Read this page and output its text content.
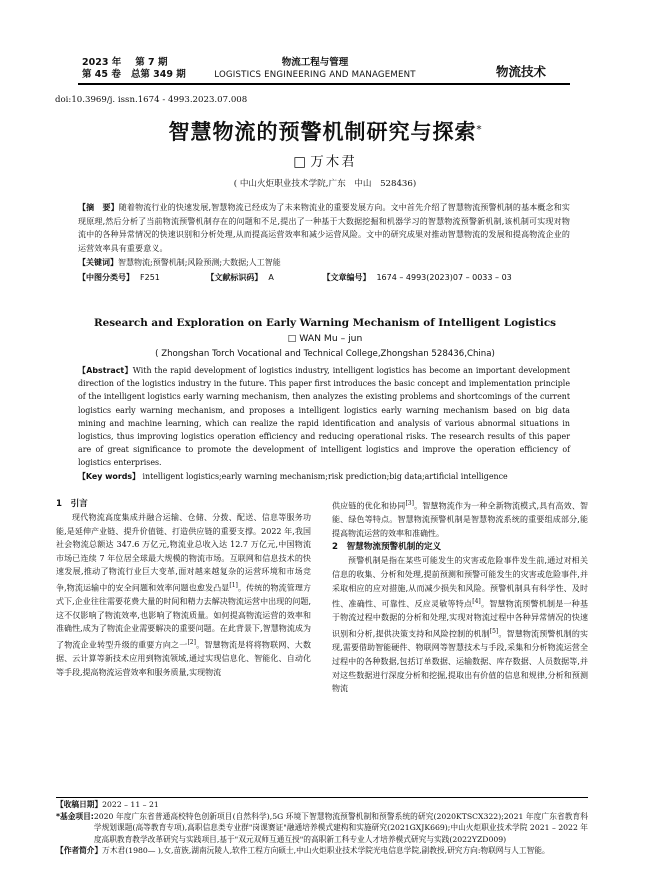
2023 年 第 7 期
第 45 卷 总第 349 期
物流工程与管理
LOGISTICS ENGINEERING AND MANAGEMENT	物流技术
doi:10.3969/j. issn.1674 - 4993.2023.07.008
智慧物流的预警机制研究与探索*
□ 万木君
( 中山火炬职业技术学院,广东　中山　528436)

【摘　要】随着物流行业的快速发展,智慧物流已经成为了未来物流业的重要发展方向。文中首先介绍了智慧物流预警机制的基本概念和实现原理,然后分析了当前物流预警机制存在的问题和不足,提出了一种基于大数据挖掘和机器学习的智慧物流预警新机制,该机制可实现对物流中的各种异常情况的快速识别和分析处理,从而提高运营效率和减少运营风险。文中的研究成果对推动智慧物流的发展和提高物流企业的运营效率具有重要意义。

【关键词】智慧物流;预警机制;风险预测;大数据;人工智能

【中图分类号】 F251	【文献标识码】 A	【文章编号】 1674 – 4993(2023)07 – 0033 – 03

Research and Exploration on Early Warning Mechanism of Intelligent Logistics
□ WAN Mu – jun
( Zhongshan Torch Vocational and Technical College,Zhongshan 528436,China)

【Abstract】With the rapid development of logistics industry, intelligent logistics has become an important development direction of the logistics industry in the future. This paper first introduces the basic concept and implementation principle of the intelligent logistics early warning mechanism, then analyzes the existing problems and shortcomings of the current logistics early warning mechanism, and proposes a intelligent logistics early warning mechanism based on big data mining and machine learning, which can realize the rapid identification and analysis of various abnormal situations in logistics, thus improving logistics operation efficiency and reducing operational risks. The research results of this paper are of great significance to promote the development of intelligent logistics and improve the operation efficiency of logistics enterprises.

【Key words】 intelligent logistics;early warning mechanism;risk prediction;big data;artificial intelligence

1　引言

现代物流高度集成并融合运输、仓储、分拨、配送、信息等服务功能,是延伸产业链、提升价值链、打造供应链的重要支撑。2022 年,我国社会物流总额达 347.6 万亿元,物流业总收入达 12.7 万亿元,中国物流市场已连续 7 年位居全球最大规模的物流市场。互联网和信息技术的快速发展,推动了物流行业巨大变革,面对越来越复杂的运营环境和市场竞争,物流运输中的安全问题和效率问题也愈发凸显[1]。传统的物流管理方式下,企业往往需要花费大量的时间和精力去解决物流运营中出现的问题,这不仅影响了物流效率,也影响了物流质量。如何提高物流运营的效率和准确性,成为了物流企业需要解决的重要问题。在此背景下,智慧物流成为了物流企业转型升级的重要方向之一[2]。智慧物流是将将物联网、大数据、云计算等新技术应用到物流领域,通过实现信息化、智能化、自动化等手段,提高物流运营效率和服务质量,实现物流

供应链的优化和协同[3]。智慧物流作为一种全新物流模式,具有高效、智能、绿色等特点。智慧物流预警机制是智慧物流系统的重要组成部分,能提高物流运营的效率和准确性。

2　智慧物流预警机制的定义

预警机制是指在某些可能发生的灾害或危险事件发生前,通过对相关信息的收集、分析和处理,提前预测和预警可能发生的灾害或危险事件,并采取相应的应对措施,从而减少损失和风险。预警机制具有科学性、及时性、准确性、可靠性、反应灵敏等特点[4]。智慧物流预警机制是一种基于物流过程中数据的分析和处理,实现对物流过程中各种异常情况的快速识别和分析,提供决策支持和风险控制的机制[5]。智慧物流预警机制的实现,需要借助智能硬件、物联网等智慧技术与手段,采集和分析物流运营全过程中的各种数据,包括订单数据、运输数据、库存数据、人员数据等,并对这些数据进行深度分析和挖掘,提取出有价值的信息和规律,分析和预测物流

【收稿日期】2022 – 11 – 21

*基金项目: 2020 年度广东省普通高校特色创新项目(自然科学),5G 环境下智慧物流预警机制和预警系统的研究(2020KTSCX322);2021 年度广东省教育科学规划课题(高等教育专项),高职信息类专业群"岗课赛证"融通培养模式建构和实施研究(2021GXJK669);中山火炬职业技术学院 2021 – 2022 年度高职教育教学改革研究与实践项目,基于"双元双师互通互授"的高职新工科专业人才培养模式研究与实践(2022YZD009)

【作者简介】 万木君(1980— ),女,苗族,湖南沅陵人,软件工程方向硕士,中山火炬职业技术学院光电信息学院,副教授,研究方向:物联网与人工智能。
